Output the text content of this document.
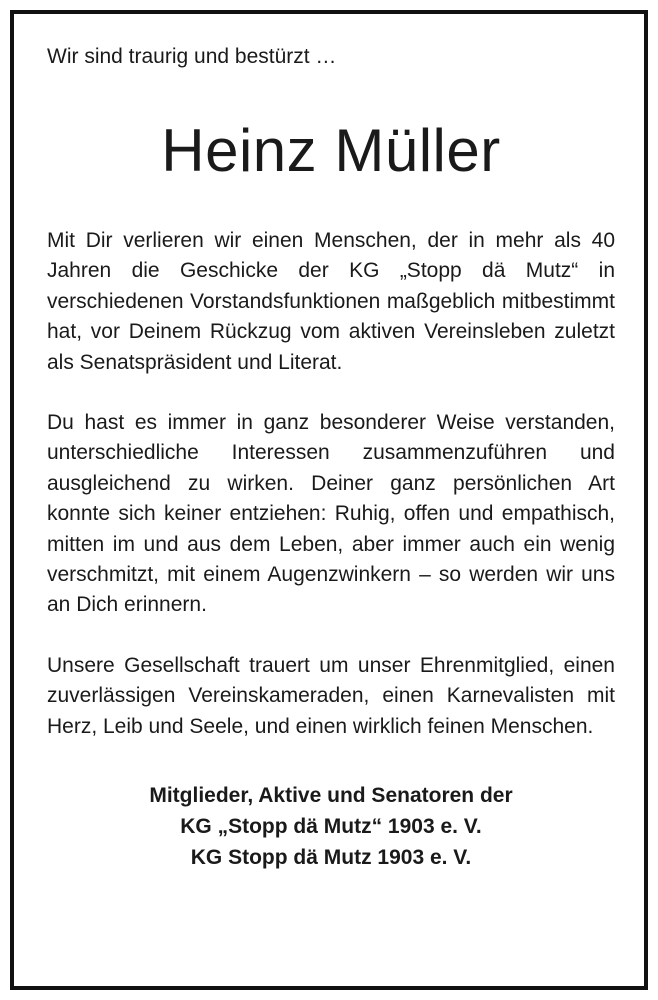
Wir sind traurig und bestürzt …

Heinz Müller

Mit Dir verlieren wir einen Menschen, der in mehr als 40 Jahren die Geschicke der KG „Stopp dä Mutz“ in verschiedenen Vorstandsfunktionen maßgeblich mitbestimmt hat, vor Deinem Rückzug vom aktiven Vereinsleben zuletzt als Senatspräsident und Literat.

Du hast es immer in ganz besonderer Weise verstanden, unterschiedliche Interessen zusammenzuführen und ausgleichend zu wirken. Deiner ganz persönlichen Art konnte sich keiner entziehen: Ruhig, offen und empathisch, mitten im und aus dem Leben, aber immer auch ein wenig verschmitzt, mit einem Augenzwinkern – so werden wir uns an Dich erinnern.

Unsere Gesellschaft trauert um unser Ehrenmitglied, einen zuverlässigen Vereinskameraden, einen Karnevalisten mit Herz, Leib und Seele, und einen wirklich feinen Menschen.

Mitglieder, Aktive und Senatoren der
KG „Stopp dä Mutz“ 1903 e. V.
KG Stopp dä Mutz 1903 e. V.
